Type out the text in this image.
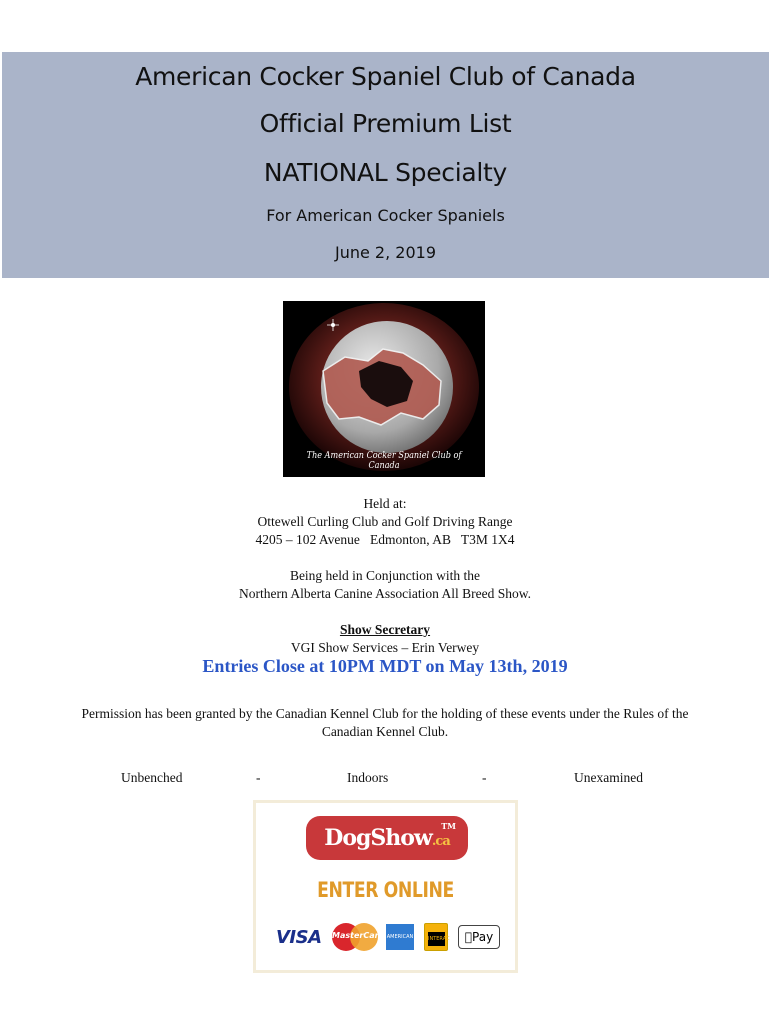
American Cocker Spaniel Club of Canada
Official Premium List
NATIONAL Specialty
For American Cocker Spaniels
June 2, 2019
The American Cocker Spaniel Club of Canada
Held at:
Ottewell Curling Club and Golf Driving Range
4205 – 102 Avenue   Edmonton, AB   T3M 1X4
Being held in Conjunction with the
Northern Alberta Canine Association All Breed Show.
Show Secretary
VGI Show Services – Erin Verwey
Entries Close at 10PM MDT on May 13th, 2019
Permission has been granted by the Canadian Kennel Club for the holding of these events under the Rules of the
Canadian Kennel Club.
Unbenched	-	Indoors	-	Unexamined
DogShow.ca
TM
ENTER ONLINE
VISA MasterCard AMERICAN EXPRESS
INTERAC	Pay
